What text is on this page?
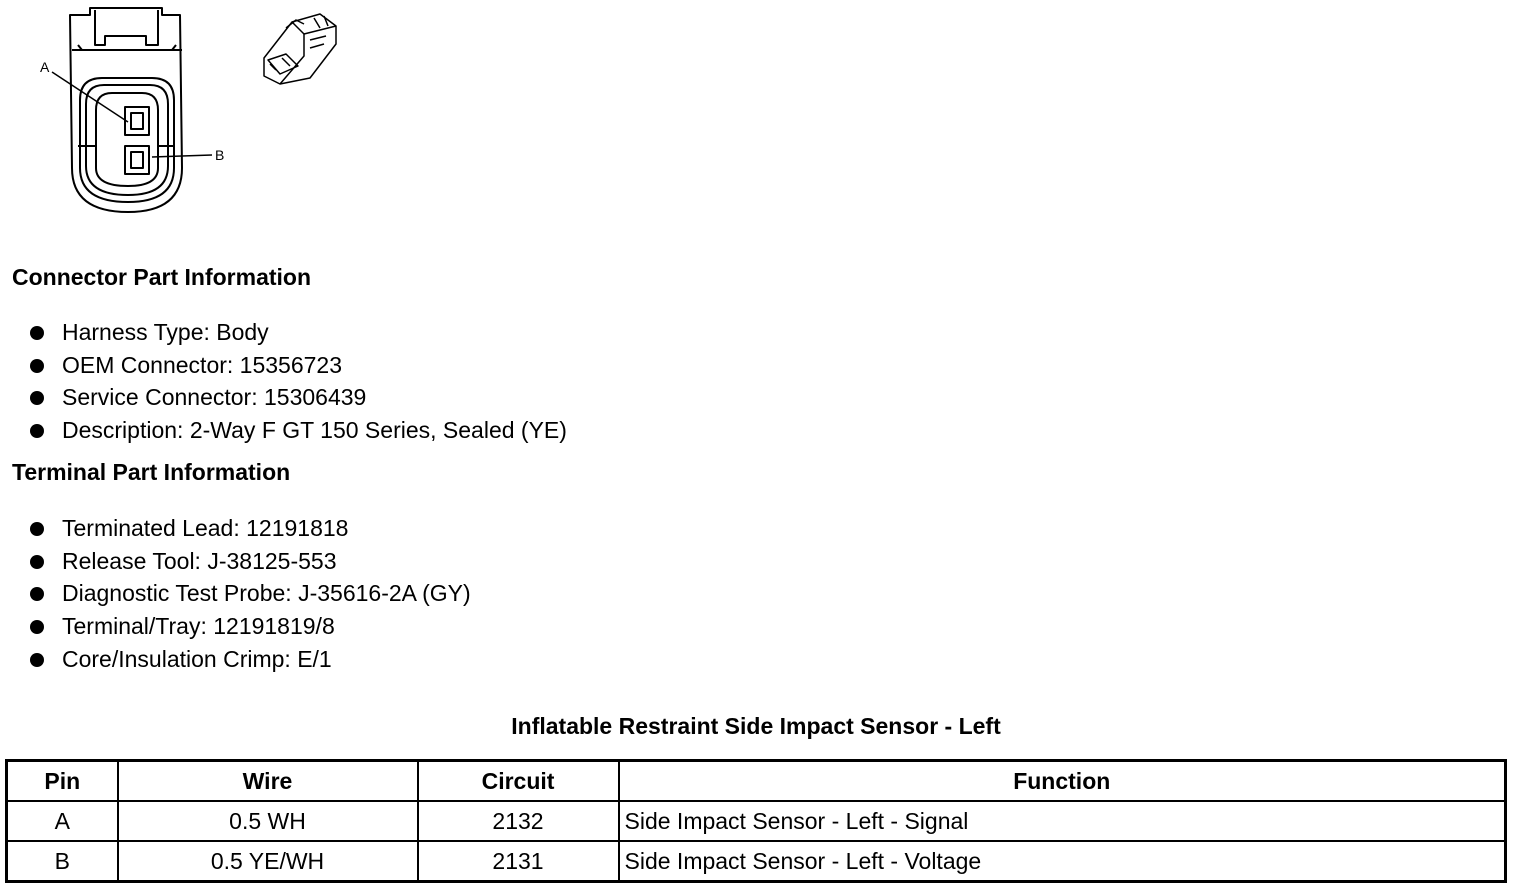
A
B
Connector Part Information
Harness Type: Body
OEM Connector: 15356723
Service Connector: 15306439
Description: 2-Way F GT 150 Series, Sealed (YE)
Terminal Part Information
Terminated Lead: 12191818
Release Tool: J-38125-553
Diagnostic Test Probe: J-35616-2A (GY)
Terminal/Tray: 12191819/8
Core/Insulation Crimp: E/1
Inflatable Restraint Side Impact Sensor - Left
Pin	Wire	Circuit	Function
A	0.5 WH	2132	Side Impact Sensor - Left - Signal
B	0.5 YE/WH	2131	Side Impact Sensor - Left - Voltage
